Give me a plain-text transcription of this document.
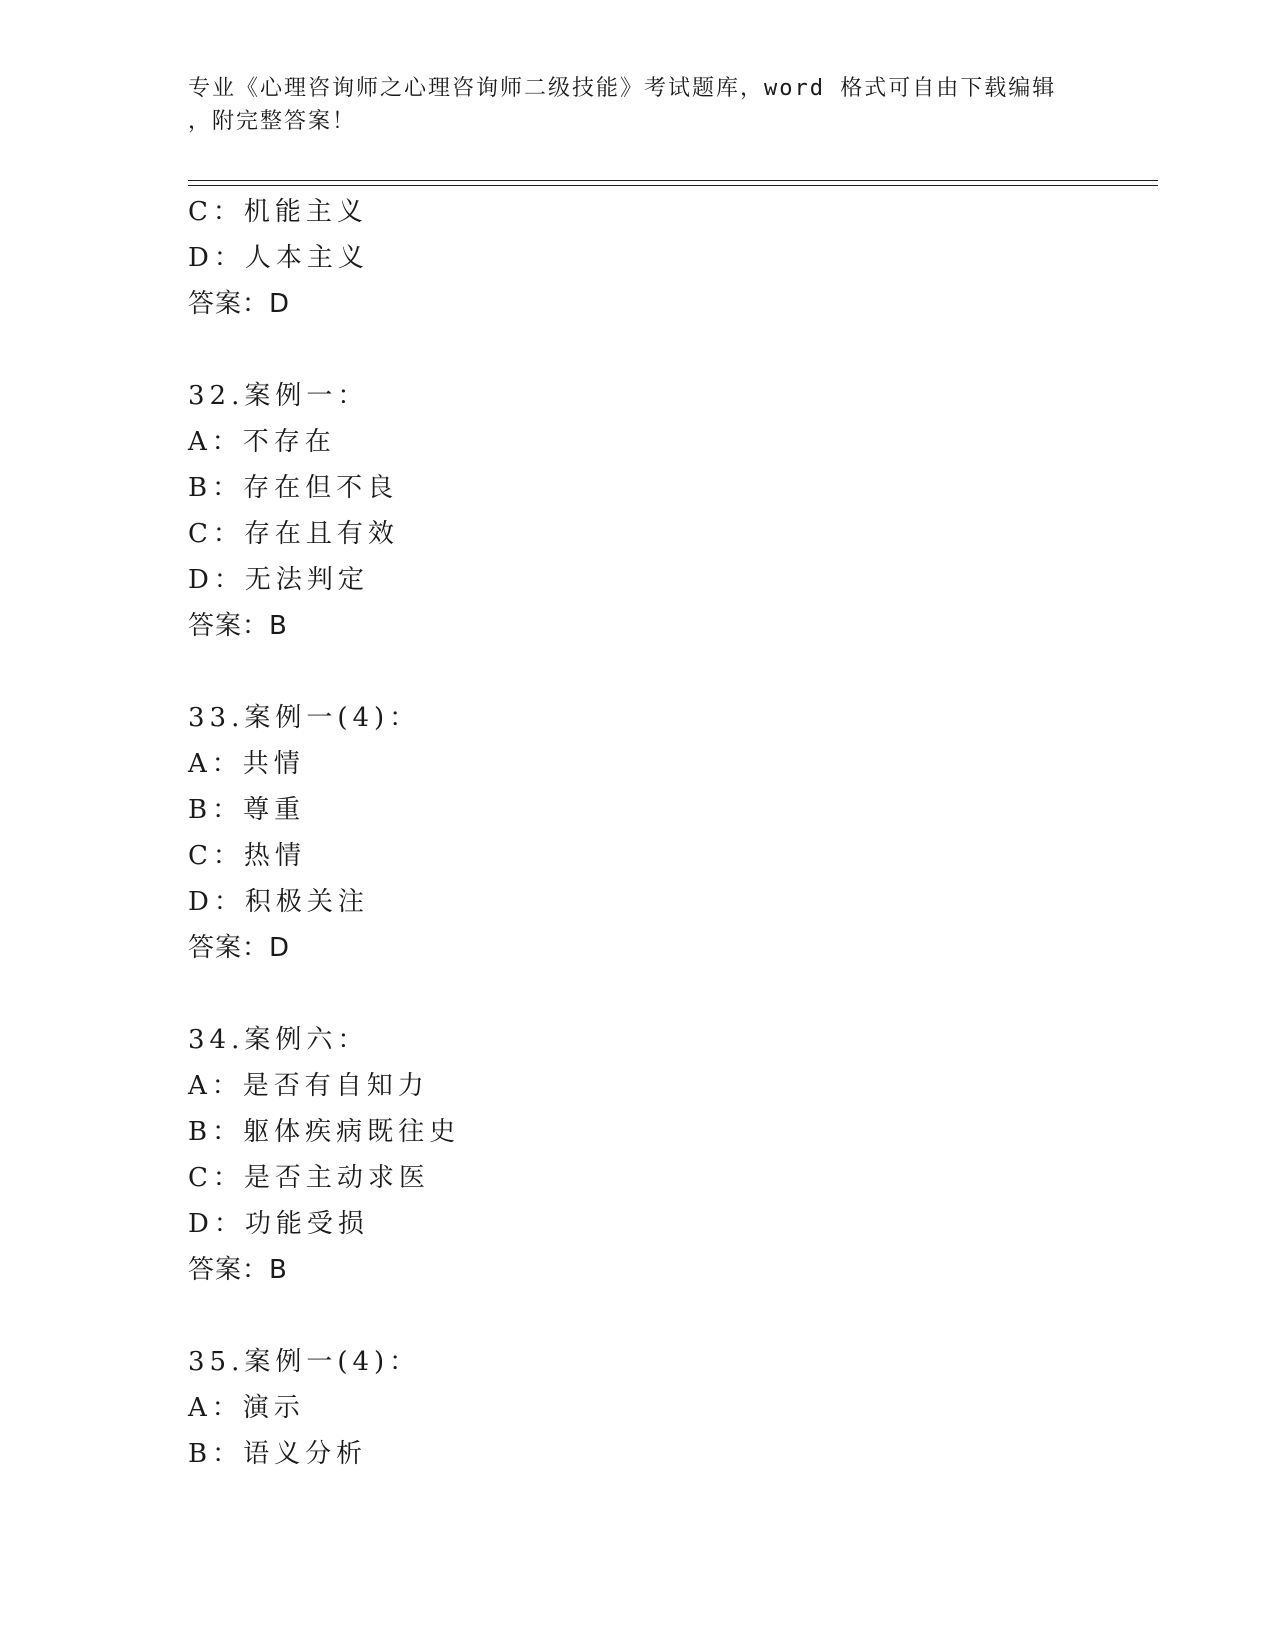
专业《心理咨询师之心理咨询师二级技能》考试题库，word 格式可自由下载编辑
，附完整答案！
C：机能主义
D：人本主义
答案：D
32.案例一：
A：不存在
B：存在但不良
C：存在且有效
D：无法判定
答案：B
33.案例一(4)：
A：共情
B：尊重
C：热情
D：积极关注
答案：D
34.案例六：
A：是否有自知力
B：躯体疾病既往史
C：是否主动求医
D：功能受损
答案：B
35.案例一(4)：
A：演示
B：语义分析
